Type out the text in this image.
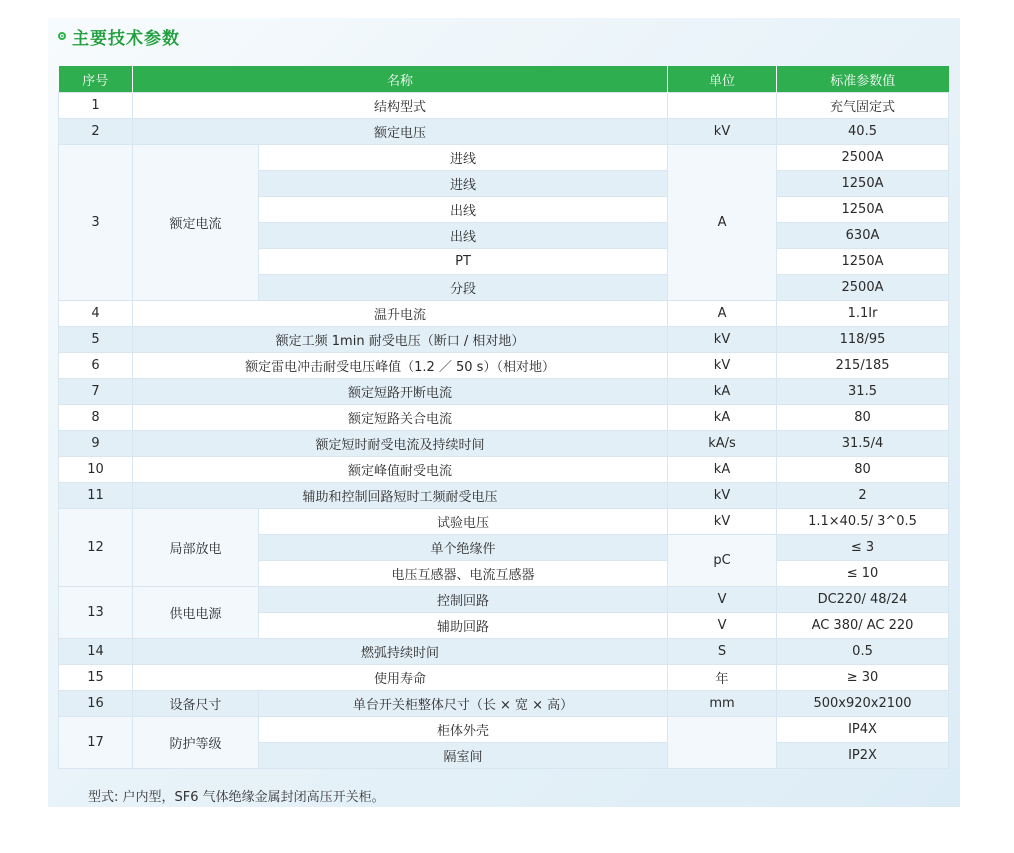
主要技术参数
序号	名称		单位	标准参数值
1	结构型式			充气固定式
2	额定电压		kV	40.5
3	额定电流	进线	A	2500A
		进线		1250A
		出线		1250A
		出线		630A
		PT		1250A
		分段		2500A
4	温升电流		A	1.1Ir
5	额定工频 1min 耐受电压（断口 / 相对地）		kV	118/95
6	额定雷电冲击耐受电压峰值（1.2 ／ 50 s）（相对地）		kV	215/185
7	额定短路开断电流		kA	31.5
8	额定短路关合电流		kA	80
9	额定短时耐受电流及持续时间		kA/s	31.5/4
10	额定峰值耐受电流		kA	80
11	辅助和控制回路短时工频耐受电压		kV	2
12	局部放电	试验电压	kV	1.1×40.5/ 3^0.5
		单个绝缘件	pC	≤ 3
		电压互感器、电流互感器		≤ 10
13	供电电源	控制回路	V	DC220/ 48/24
		辅助回路	V	AC 380/ AC 220
14	燃弧持续时间		S	0.5
15	使用寿命		年	≥ 30
16	设备尺寸	单台开关柜整体尺寸（长 × 宽 × 高）	mm	500x920x2100
17	防护等级	柜体外壳		IP4X
		隔室间		IP2X
型式: 户内型，SF6 气体绝缘金属封闭高压开关柜。
